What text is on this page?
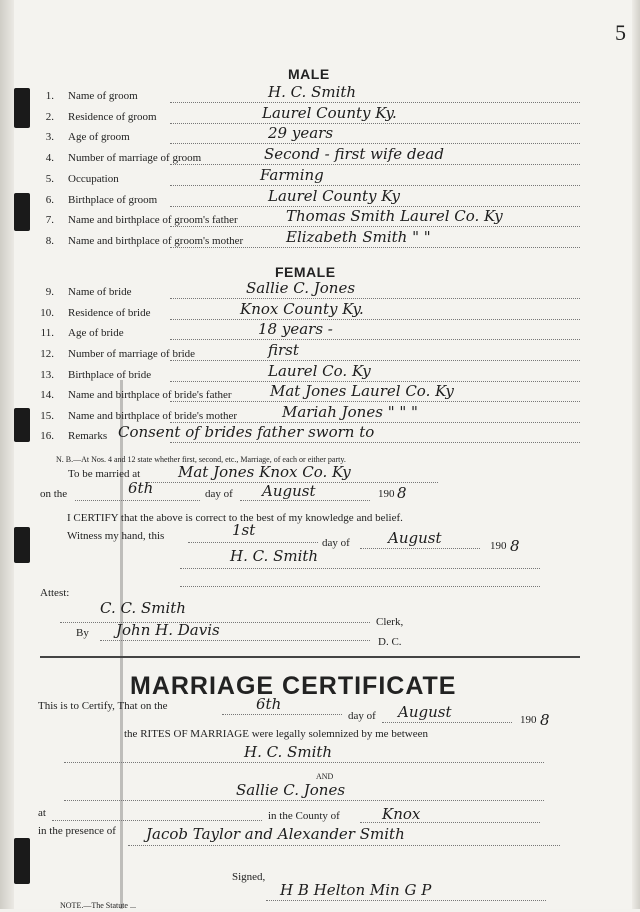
5
MALE
1. Name of groom	H. C. Smith
2. Residence of groom	Laurel County Ky.
3. Age of groom	29 years
4. Number of marriage of groom	Second - first wife dead
5. Occupation	Farming
6. Birthplace of groom	Laurel County Ky
7. Name and birthplace of groom's father	Thomas Smith Laurel Co. Ky
8. Name and birthplace of groom's mother	Elizabeth Smith " "
FEMALE
9. Name of bride	Sallie C. Jones
10. Residence of bride	Knox County Ky.
11. Age of bride	18 years -
12. Number of marriage of bride	first
13. Birthplace of bride	Laurel Co. Ky
14. Name and birthplace of bride's father	Mat Jones Laurel Co. Ky
15. Name and birthplace of bride's mother	Mariah Jones " " "
16. Remarks Consent of brides father sworn to
N. B.—At Nos. 4 and 12 state whether first, second, etc., Marriage, of each or either party.
To be married at	Mat Jones Knox Co. Ky
on the	6th	day of August	190 8
I CERTIFY that the above is correct to the best of my knowledge and belief.
Witness my hand, this	1st
day of	August	190 8
H. C. Smith
Attest:
C. C. Smith
Clerk,
By John H. Davis
D. C.
MARRIAGE CERTIFICATE
This is to Certify, That on the	6th
day of August	190 8
the RITES OF MARRIAGE were legally solemnized by me between
H. C. Smith
AND
Sallie C. Jones
at	in the County of	Knox
in the presence of Jacob Taylor and Alexander Smith
Signed,
H B Helton Min G P
NOTE.—The Statute ...
